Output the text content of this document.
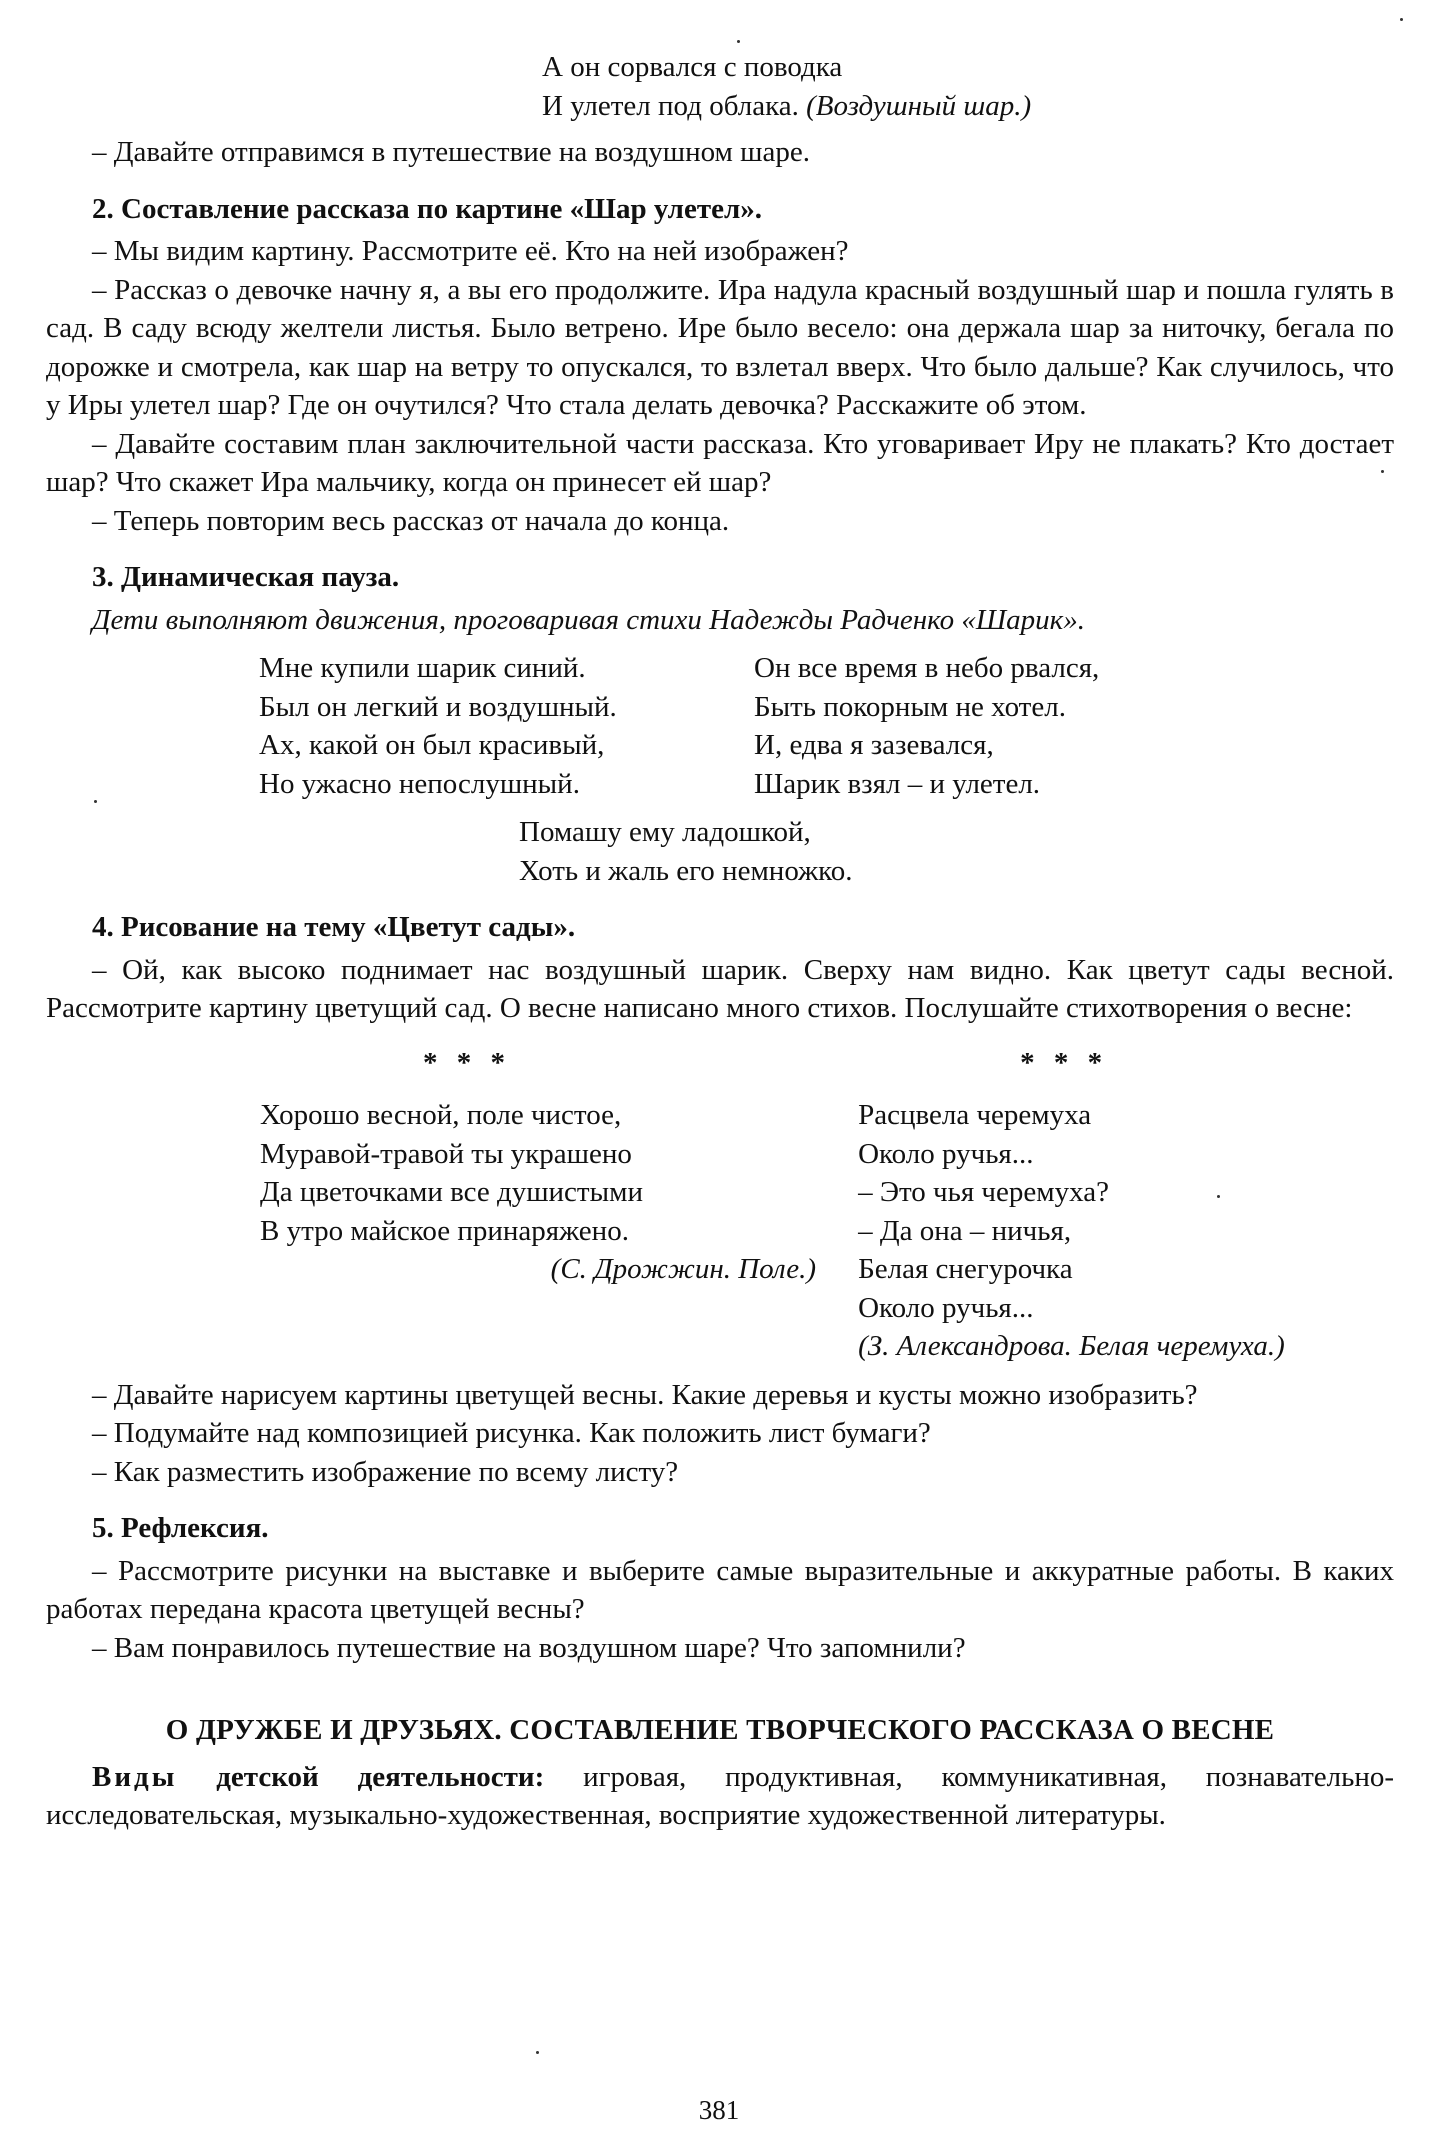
А он сорвался с поводка

И улетел под облака. (Воздушный шар.)

– Давайте отправимся в путешествие на воздушном шаре.

2. Составление рассказа по картине «Шар улетел».

– Мы видим картину. Рассмотрите её. Кто на ней изображен?

– Рассказ о девочке начну я, а вы его продолжите. Ира надула красный воздушный шар и пошла гулять в сад. В саду всюду желтели листья. Было ветрено. Ире было весело: она держала шар за ниточку, бегала по дорожке и смотрела, как шар на ветру то опускался, то взлетал вверх. Что было дальше? Как случилось, что у Иры улетел шар? Где он очутился? Что стала делать девочка? Расскажите об этом.

– Давайте составим план заключительной части рассказа. Кто уговаривает Иру не плакать? Кто достает шар? Что скажет Ира мальчику, когда он принесет ей шар?

– Теперь повторим весь рассказ от начала до конца.

3. Динамическая пауза.

Дети выполняют движения, проговаривая стихи Надежды Радченко «Шарик».

Мне купили шарик синий.

Был он легкий и воздушный.

Ах, какой он был красивый,

Но ужасно непослушный.

Он все время в небо рвался,

Быть покорным не хотел.

И, едва я зазевался,

Шарик взял – и улетел.

Помашу ему ладошкой,

Хоть и жаль его немножко.

4. Рисование на тему «Цветут сады».

– Ой, как высоко поднимает нас воздушный шарик. Сверху нам видно. Как цветут сады весной. Рассмотрите картину цветущий сад. О весне написано много стихов. Послушайте стихотворения о весне:

* * *

Хорошо весной, поле чистое,

Муравой-травой ты украшено

Да цветочками все душистыми

В утро майское принаряжено.

(С. Дрожжин. Поле.)

* * *

Расцвела черемуха

Около ручья...

– Это чья черемуха?

– Да она – ничья,

Белая снегурочка

Около ручья...

(З. Александрова. Белая черемуха.)

– Давайте нарисуем картины цветущей весны. Какие деревья и кусты можно изобразить?

– Подумайте над композицией рисунка. Как положить лист бумаги?

– Как разместить изображение по всему листу?

5. Рефлексия.

– Рассмотрите рисунки на выставке и выберите самые выразительные и аккуратные работы. В каких работах передана красота цветущей весны?

– Вам понравилось путешествие на воздушном шаре? Что запомнили?

О ДРУЖБЕ И ДРУЗЬЯХ. СОСТАВЛЕНИЕ ТВОРЧЕСКОГО РАССКАЗА О ВЕСНЕ

Виды детской деятельности: игровая, продуктивная, коммуникативная, познавательно-исследовательская, музыкально-художественная, восприятие художественной литературы.

381
